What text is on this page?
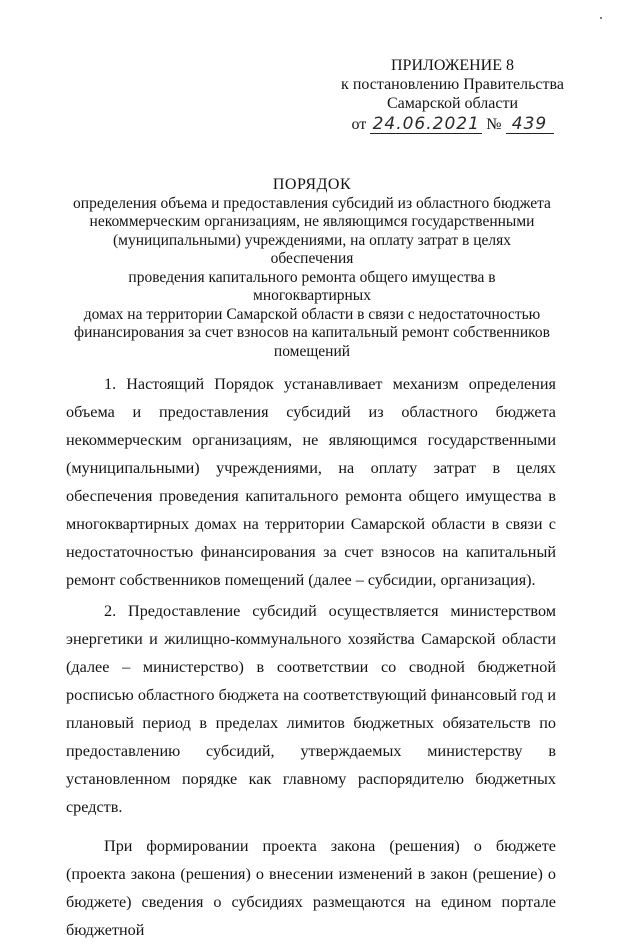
ПРИЛОЖЕНИЕ 8
к постановлению Правительства
Самарской области
от 24.06.2021 № 439
ПОРЯДОК
определения объема и предоставления субсидий из областного бюджета
некоммерческим организациям, не являющимся государственными
(муниципальными) учреждениями, на оплату затрат в целях обеспечения
проведения капитального ремонта общего имущества в многоквартирных
домах на территории Самарской области в связи с недостаточностью
финансирования за счет взносов на капитальный ремонт собственников
помещений

1. Настоящий Порядок устанавливает механизм определения объема и предоставления субсидий из областного бюджета некоммерческим организациям, не являющимся государственными (муниципальными) учреждениями, на оплату затрат в целях обеспечения проведения капитального ремонта общего имущества в многоквартирных домах на территории Самарской области в связи с недостаточностью финансирования за счет взносов на капитальный ремонт собственников помещений (далее – субсидии, организация).

2. Предоставление субсидий осуществляется министерством энергетики и жилищно-коммунального хозяйства Самарской области (далее – министерство) в соответствии со сводной бюджетной росписью областного бюджета на соответствующий финансовый год и плановый период в пределах лимитов бюджетных обязательств по предоставлению субсидий, утверждаемых министерству в установленном порядке как главному распорядителю бюджетных средств.

При формировании проекта закона (решения) о бюджете (проекта закона (решения) о внесении изменений в закон (решение) о бюджете) сведения о субсидиях размещаются на едином портале бюджетной
